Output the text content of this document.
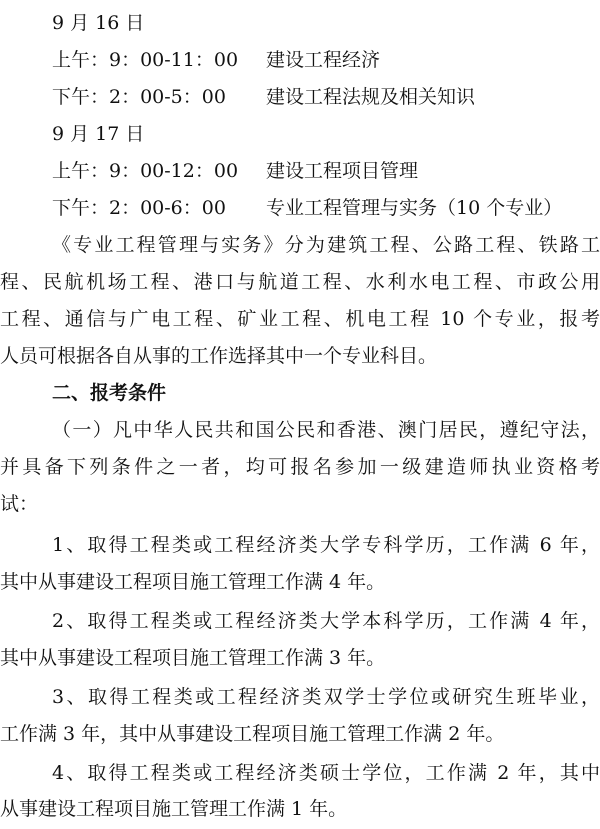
9 月 16 日
上午：9：00-11：00 建设工程经济
下午：2：00-5：00 建设工程法规及相关知识
9 月 17 日
上午：9：00-12：00 建设工程项目管理
下午：2：00-6：00 专业工程管理与实务（10 个专业）
《专业工程管理与实务》分为建筑工程、公路工程、铁路工
程、民航机场工程、港口与航道工程、水利水电工程、市政公用
工程、通信与广电工程、矿业工程、机电工程 10 个专业，报考
人员可根据各自从事的工作选择其中一个专业科目。
二、报考条件
（一）凡中华人民共和国公民和香港、澳门居民，遵纪守法，
并具备下列条件之一者，均可报名参加一级建造师执业资格考
试：
1、取得工程类或工程经济类大学专科学历，工作满 6 年，
其中从事建设工程项目施工管理工作满 4 年。
2、取得工程类或工程经济类大学本科学历，工作满 4 年，
其中从事建设工程项目施工管理工作满 3 年。
3、取得工程类或工程经济类双学士学位或研究生班毕业，
工作满 3 年，其中从事建设工程项目施工管理工作满 2 年。
4、取得工程类或工程经济类硕士学位，工作满 2 年，其中
从事建设工程项目施工管理工作满 1 年。
